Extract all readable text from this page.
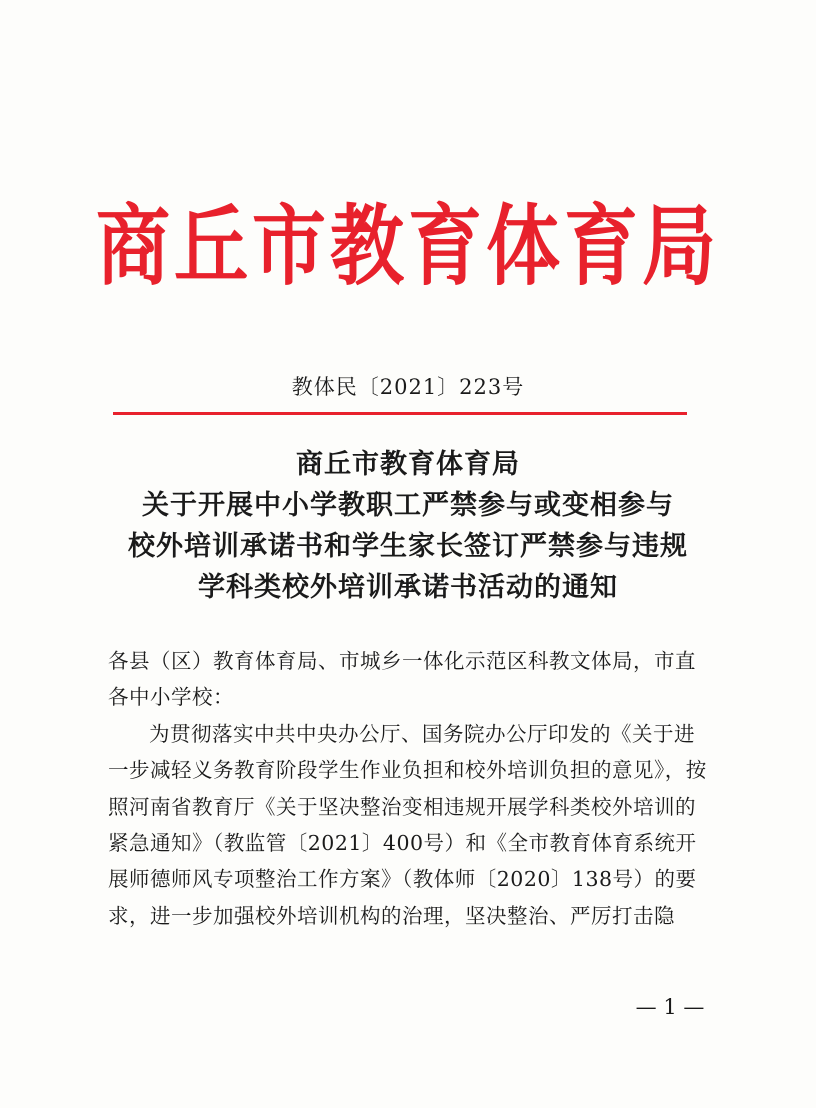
商丘市教育体育局
教体民〔2021〕223号
商丘市教育体育局
关于开展中小学教职工严禁参与或变相参与
校外培训承诺书和学生家长签订严禁参与违规
学科类校外培训承诺书活动的通知

各县（区）教育体育局、市城乡一体化示范区科教文体局，市直各中小学校：

为贯彻落实中共中央办公厅、国务院办公厅印发的《关于进一步减轻义务教育阶段学生作业负担和校外培训负担的意见》，按照河南省教育厅《关于坚决整治变相违规开展学科类校外培训的紧急通知》（教监管〔2021〕400号）和《全市教育体育系统开展师德师风专项整治工作方案》（教体师〔2020〕138号）的要求，进一步加强校外培训机构的治理，坚决整治、严厉打击隐

— 1 —
